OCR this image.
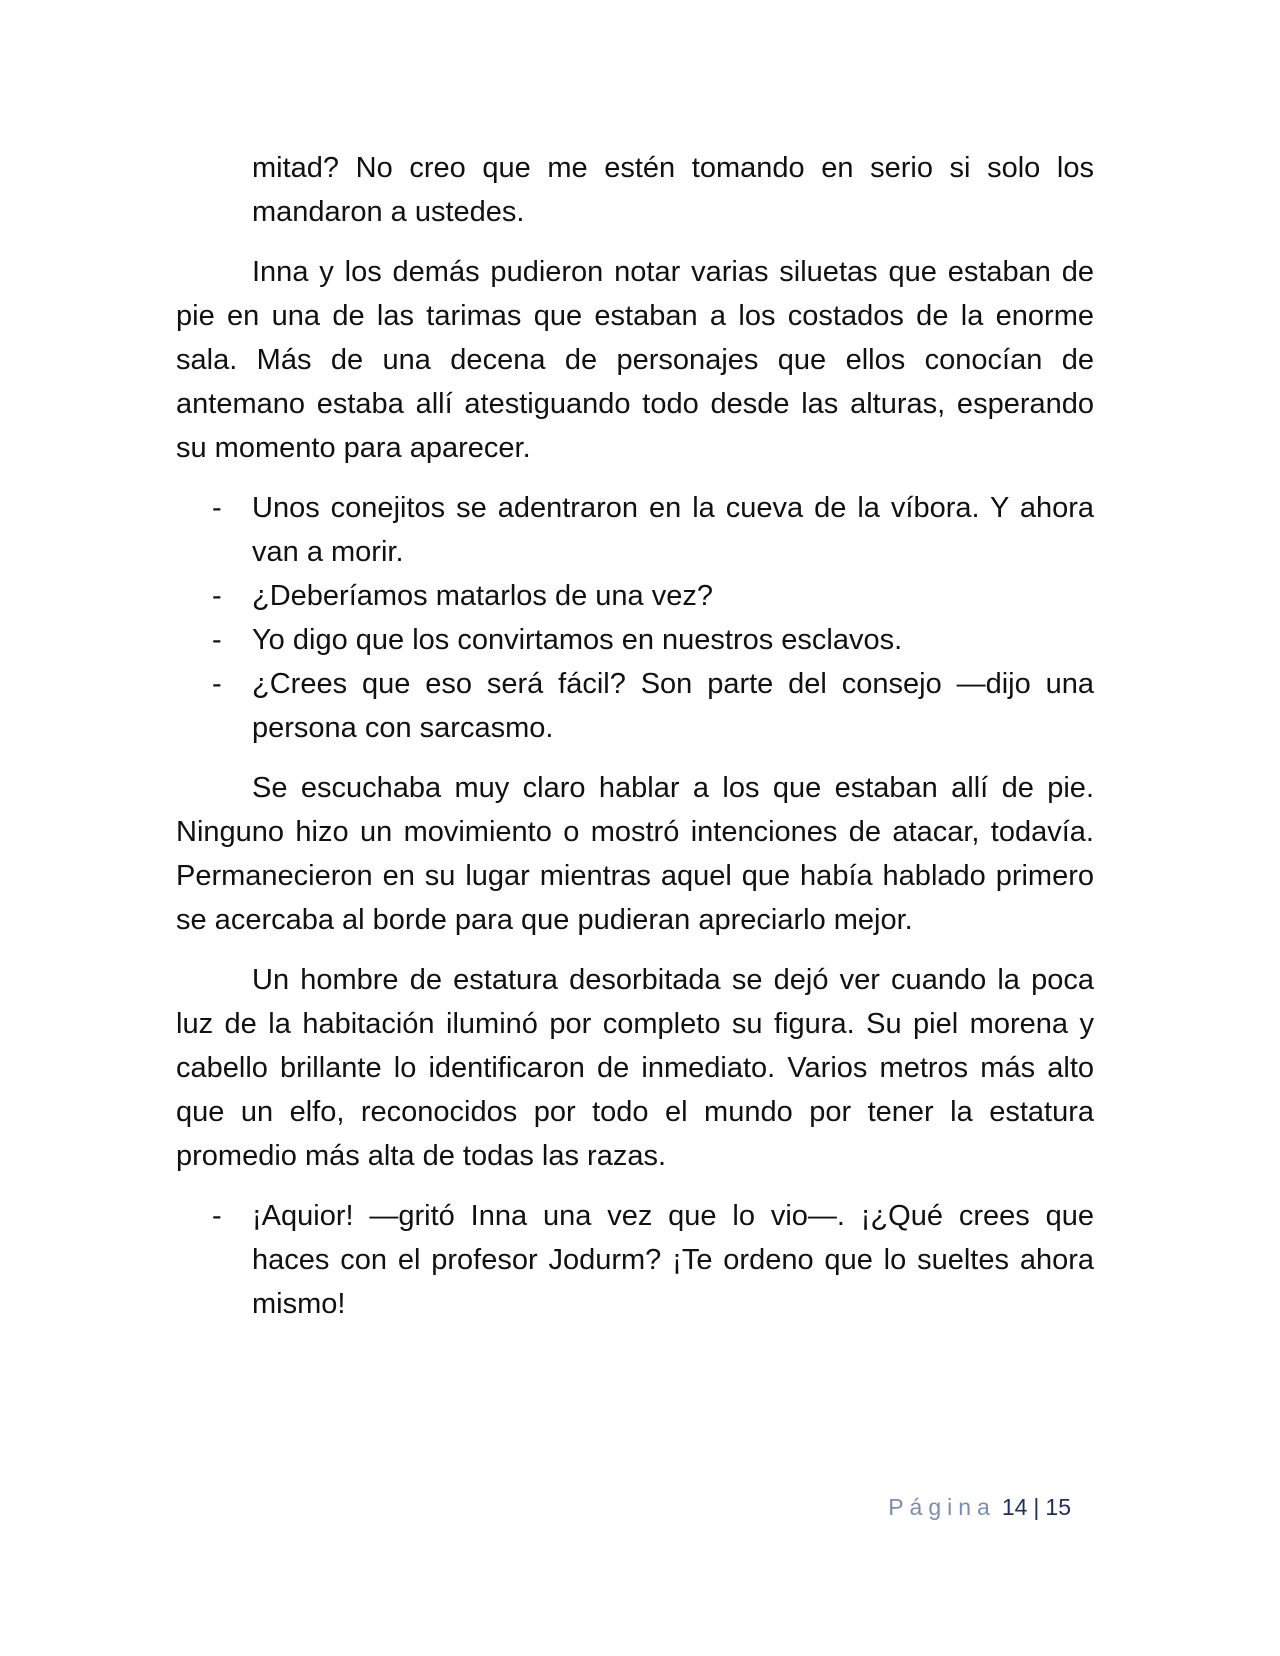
mitad? No creo que me estén tomando en serio si solo los mandaron a ustedes.

Inna y los demás pudieron notar varias siluetas que estaban de pie en una de las tarimas que estaban a los costados de la enorme sala. Más de una decena de personajes que ellos conocían de antemano estaba allí atestiguando todo desde las alturas, esperando su momento para aparecer.

- Unos conejitos se adentraron en la cueva de la víbora. Y ahora van a morir.
- ¿Deberíamos matarlos de una vez?
- Yo digo que los convirtamos en nuestros esclavos.
- ¿Crees que eso será fácil? Son parte del consejo —dijo una persona con sarcasmo.

Se escuchaba muy claro hablar a los que estaban allí de pie. Ninguno hizo un movimiento o mostró intenciones de atacar, todavía. Permanecieron en su lugar mientras aquel que había hablado primero se acercaba al borde para que pudieran apreciarlo mejor.

Un hombre de estatura desorbitada se dejó ver cuando la poca luz de la habitación iluminó por completo su figura. Su piel morena y cabello brillante lo identificaron de inmediato. Varios metros más alto que un elfo, reconocidos por todo el mundo por tener la estatura promedio más alta de todas las razas.

- ¡Aquior! —gritó Inna una vez que lo vio—. ¡¿Qué crees que haces con el profesor Jodurm? ¡Te ordeno que lo sueltes ahora mismo!
Página 14 | 15
